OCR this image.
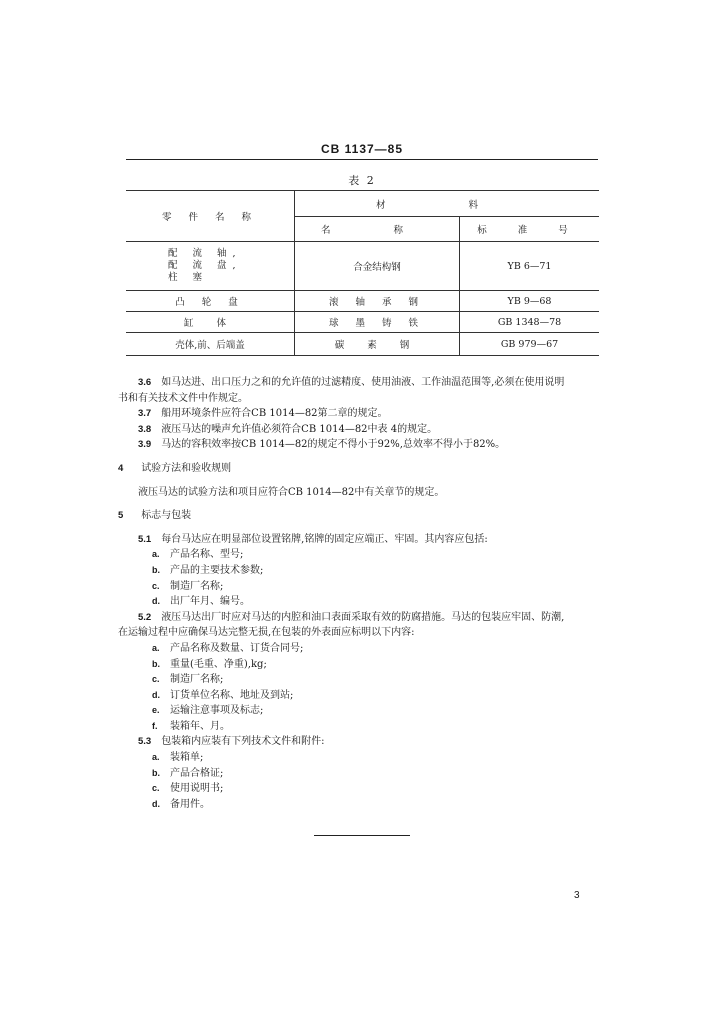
CB 1137—85
表 2
零 件 名 称	材 料	
	名 称	标 准 号

配 流 轴,
配 流 盘,
柱 塞	合金结构钢	YB 6—71
凸 轮 盘	滚 轴 承 钢	YB 9—68
缸 体	球 墨 铸 铁	GB 1348—78
壳体,前、后端盖	碳 素 钢	GB 979—67

3.6 如马达进、出口压力之和的允许值的过滤精度、使用油液、工作油温范围等,必须在使用说明

书和有关技术文件中作规定。

3.7 船用环境条件应符合CB 1014—82第二章的规定。

3.8 液压马达的噪声允许值必须符合CB 1014—82中表 4的规定。

3.9 马达的容积效率按CB 1014—82的规定不得小于92%,总效率不得小于82%。

4 试验方法和验收规则

液压马达的试验方法和项目应符合CB 1014—82中有关章节的规定。

5 标志与包装

5.1 每台马达应在明显部位设置铭牌,铭牌的固定应端正、牢固。其内容应包括:

a. 产品名称、型号;

b. 产品的主要技术参数;

c. 制造厂名称;

d. 出厂年月、编号。

5.2 液压马达出厂时应对马达的内腔和油口表面采取有效的防腐措施。马达的包装应牢固、防潮,

在运输过程中应确保马达完整无损,在包装的外表面应标明以下内容:

a. 产品名称及数量、订货合同号;

b. 重量(毛重、净重),kg;

c. 制造厂名称;

d. 订货单位名称、地址及到站;

e. 运输注意事项及标志;

f. 装箱年、月。

5.3 包装箱内应装有下列技术文件和附件:

a. 装箱单;

b. 产品合格证;

c. 使用说明书;

d. 备用件。

3
